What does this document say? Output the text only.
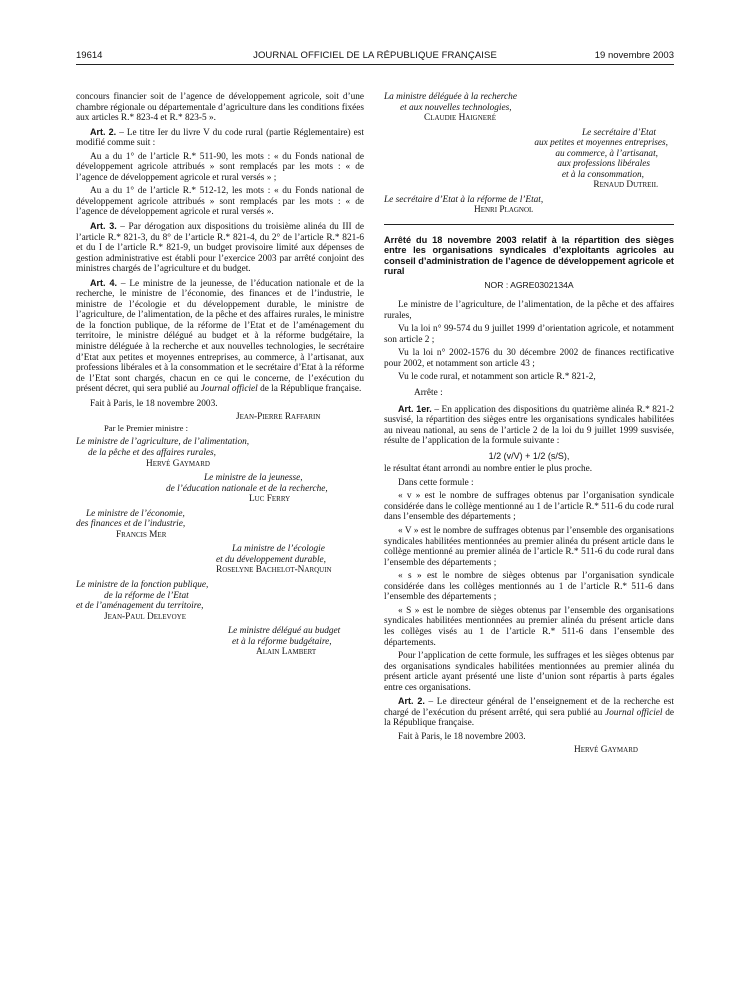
19614	JOURNAL OFFICIEL DE LA RÉPUBLIQUE FRANÇAISE	19 novembre 2003

concours financier soit de l’agence de développement agricole, soit d’une chambre régionale ou départementale d’agriculture dans les conditions fixées aux articles R.* 823-4 et R.* 823-5 ».

Art. 2. – Le titre Ier du livre V du code rural (partie Réglementaire) est modifié comme suit :

Au a du 1° de l’article R.* 511-90, les mots : « du Fonds national de développement agricole attribués » sont remplacés par les mots : « de l’agence de développement agricole et rural versés » ;

Au a du 1° de l’article R.* 512-12, les mots : « du Fonds national de développement agricole attribués » sont remplacés par les mots : « de l’agence de développement agricole et rural versés ».

Art. 3. – Par dérogation aux dispositions du troisième alinéa du III de l’article R.* 821-3, du 8° de l’article R.* 821-4, du 2° de l’article R.* 821-6 et du I de l’article R.* 821-9, un budget provisoire limité aux dépenses de gestion administrative est établi pour l’exercice 2003 par arrêté conjoint des ministres chargés de l’agriculture et du budget.

Art. 4. – Le ministre de la jeunesse, de l’éducation nationale et de la recherche, le ministre de l’économie, des finances et de l’industrie, le ministre de l’écologie et du développement durable, le ministre de l’agriculture, de l’alimentation, de la pêche et des affaires rurales, le ministre de la fonction publique, de la réforme de l’Etat et de l’aménagement du territoire, le ministre délégué au budget et à la réforme budgétaire, la ministre déléguée à la recherche et aux nouvelles technologies, le secrétaire d’Etat aux petites et moyennes entreprises, au commerce, à l’artisanat, aux professions libérales et à la consommation et le secrétaire d’Etat à la réforme de l’Etat sont chargés, chacun en ce qui le concerne, de l’exécution du présent décret, qui sera publié au Journal officiel de la République française.

Fait à Paris, le 18 novembre 2003.

Jean-Pierre Raffarin
Par le Premier ministre :
Le ministre de l’agriculture, de l’alimentation,
de la pêche et des affaires rurales,
Hervé Gaymard
Le ministre de la jeunesse,
de l’éducation nationale et de la recherche,
Luc Ferry
Le ministre de l’économie,
des finances et de l’industrie,
Francis Mer
La ministre de l’écologie
et du développement durable,
Roselyne Bachelot-Narquin
Le ministre de la fonction publique,
de la réforme de l’Etat
et de l’aménagement du territoire,
Jean-Paul Delevoye
Le ministre délégué au budget
et à la réforme budgétaire,
Alain Lambert
La ministre déléguée à la recherche
et aux nouvelles technologies,
Claudie Haigneré
Le secrétaire d’Etat
aux petites et moyennes entreprises,
au commerce, à l’artisanat,
aux professions libérales
et à la consommation,
Renaud Dutreil
Le secrétaire d’Etat à la réforme de l’Etat,
Henri Plagnol
Arrêté du 18 novembre 2003 relatif à la répartition des sièges entre les organisations syndicales d’exploitants agricoles au conseil d’administration de l’agence de développement agricole et rural
NOR : AGRE0302134A

Le ministre de l’agriculture, de l’alimentation, de la pêche et des affaires rurales,

Vu la loi n° 99-574 du 9 juillet 1999 d’orientation agricole, et notamment son article 2 ;

Vu la loi n° 2002-1576 du 30 décembre 2002 de finances rectificative pour 2002, et notamment son article 43 ;

Vu le code rural, et notamment son article R.* 821-2,

Arrête :

Art. 1er. – En application des dispositions du quatrième alinéa R.* 821-2 susvisé, la répartition des sièges entre les organisations syndicales habilitées au niveau national, au sens de l’article 2 de la loi du 9 juillet 1999 susvisée, résulte de l’application de la formule suivante :

1/2 (v/V) + 1/2 (s/S),

le résultat étant arrondi au nombre entier le plus proche.

Dans cette formule :

« v » est le nombre de suffrages obtenus par l’organisation syndicale considérée dans le collège mentionné au 1 de l’article R.* 511-6 du code rural dans l’ensemble des départements ;

« V » est le nombre de suffrages obtenus par l’ensemble des organisations syndicales habilitées mentionnées au premier alinéa du présent article dans le collège mentionné au premier alinéa de l’article R.* 511-6 du code rural dans l’ensemble des départements ;

« s » est le nombre de sièges obtenus par l’organisation syndicale considérée dans les collèges mentionnés au 1 de l’article R.* 511-6 dans l’ensemble des départements ;

« S » est le nombre de sièges obtenus par l’ensemble des organisations syndicales habilitées mentionnées au premier alinéa du présent article dans les collèges visés au 1 de l’article R.* 511-6 dans l’ensemble des départements.

Pour l’application de cette formule, les suffrages et les sièges obtenus par des organisations syndicales habilitées mentionnées au premier alinéa du présent article ayant présenté une liste d’union sont répartis à parts égales entre ces organisations.

Art. 2. – Le directeur général de l’enseignement et de la recherche est chargé de l’exécution du présent arrêté, qui sera publié au Journal officiel de la République française.

Fait à Paris, le 18 novembre 2003.

Hervé Gaymard
